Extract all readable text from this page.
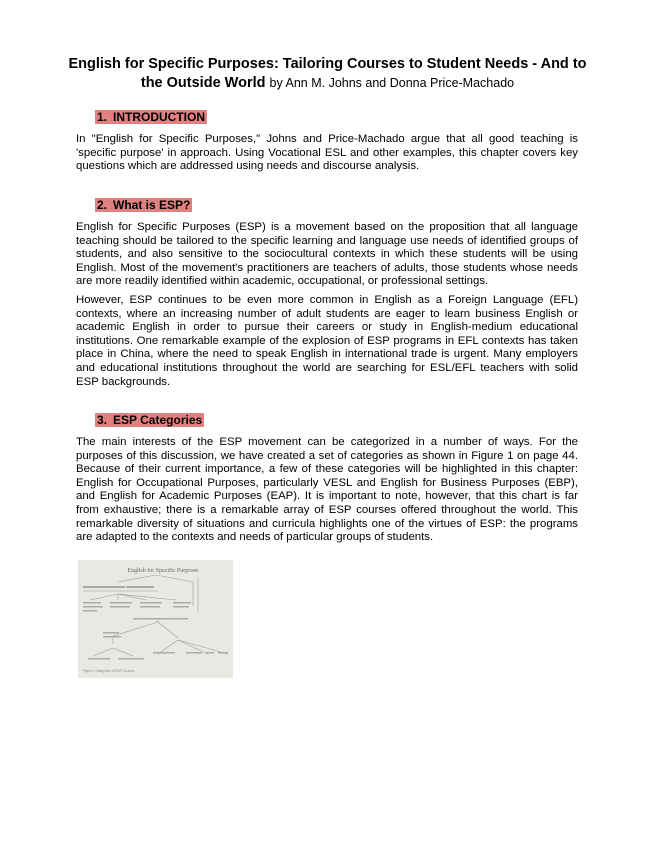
English for Specific Purposes: Tailoring Courses to Student Needs - And to the Outside World by Ann M. Johns and Donna Price-Machado
1. INTRODUCTION

In "English for Specific Purposes," Johns and Price-Machado argue that all good teaching is 'specific purpose' in approach. Using Vocational ESL and other examples, this chapter covers key questions which are addressed using needs and discourse analysis.

2. What is ESP?

English for Specific Purposes (ESP) is a movement based on the proposition that all language teaching should be tailored to the specific learning and language use needs of identified groups of students, and also sensitive to the sociocultural contexts in which these students will be using English. Most of the movement's practitioners are teachers of adults, those students whose needs are more readily identified within academic, occupational, or professional settings.

However, ESP continues to be even more common in English as a Foreign Language (EFL) contexts, where an increasing number of adult students are eager to learn business English or academic English in order to pursue their careers or study in English-medium educational institutions. One remarkable example of the explosion of ESP programs in EFL contexts has taken place in China, where the need to speak English in international trade is urgent. Many employers and educational institutions throughout the world are searching for ESL/EFL teachers with solid ESP backgrounds.

3. ESP Categories

The main interests of the ESP movement can be categorized in a number of ways. For the purposes of this discussion, we have created a set of categories as shown in Figure 1 on page 44. Because of their current importance, a few of these categories will be highlighted in this chapter: English for Occupational Purposes, particularly VESL and English for Business Purposes (EBP), and English for Academic Purposes (EAP). It is important to note, however, that this chart is far from exhaustive; there is a remarkable array of ESP courses offered throughout the world. This remarkable diversity of situations and curricula highlights one of the virtues of ESP: the programs are adapted to the contexts and needs of particular groups of students.

English for Specific Purposes
Figure 1 Categories of ESP Courses
